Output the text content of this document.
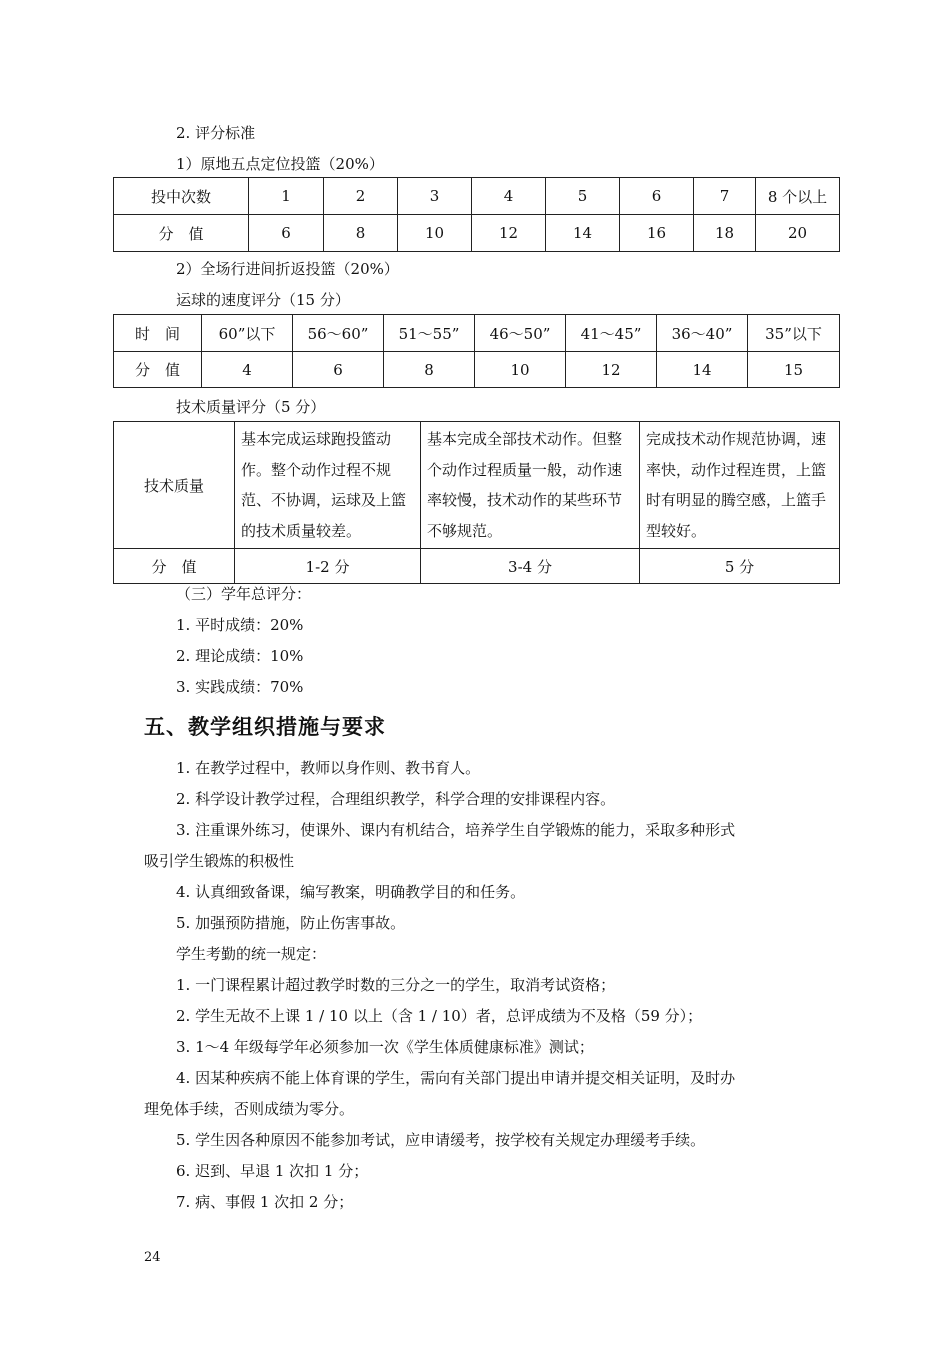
2. 评分标准
1）原地五点定位投篮（20%）
投中次数	1	2	3	4	5	6	7	8 个以上
分　值	6	8	10	12	14	16	18	20
2）全场行进间折返投篮（20%）
运球的速度评分（15 分）
时　间	60”以下	56～60”	51～55”	46～50”	41～45”	36～40”	35”以下
分　值	4	6	8	10	12	14	15
技术质量评分（5 分）
技术质量	基本完成运球跑投篮动作。整个动作过程不规范、不协调，运球及上篮的技术质量较差。	基本完成全部技术动作。但整个动作过程质量一般，动作速率较慢，技术动作的某些环节不够规范。	完成技术动作规范协调，速率快，动作过程连贯，上篮时有明显的腾空感，上篮手型较好。
分　值	1-2 分	3-4 分	5 分
（三）学年总评分：
1. 平时成绩：20%
2. 理论成绩：10%
3. 实践成绩：70%
五、教学组织措施与要求
1. 在教学过程中，教师以身作则、教书育人。
2. 科学设计教学过程，合理组织教学，科学合理的安排课程内容。
3. 注重课外练习，使课外、课内有机结合，培养学生自学锻炼的能力，采取多种形式
吸引学生锻炼的积极性
4. 认真细致备课，编写教案，明确教学目的和任务。
5. 加强预防措施，防止伤害事故。
学生考勤的统一规定：
1. 一门课程累计超过教学时数的三分之一的学生，取消考试资格；
2. 学生无故不上课 1 / 10 以上（含 1 / 10）者，总评成绩为不及格（59 分）；
3. 1～4 年级每学年必须参加一次《学生体质健康标准》测试；
4. 因某种疾病不能上体育课的学生，需向有关部门提出申请并提交相关证明，及时办
理免体手续，否则成绩为零分。
5. 学生因各种原因不能参加考试，应申请缓考，按学校有关规定办理缓考手续。
6. 迟到、早退 1 次扣 1 分；
7. 病、事假 1 次扣 2 分；
24
